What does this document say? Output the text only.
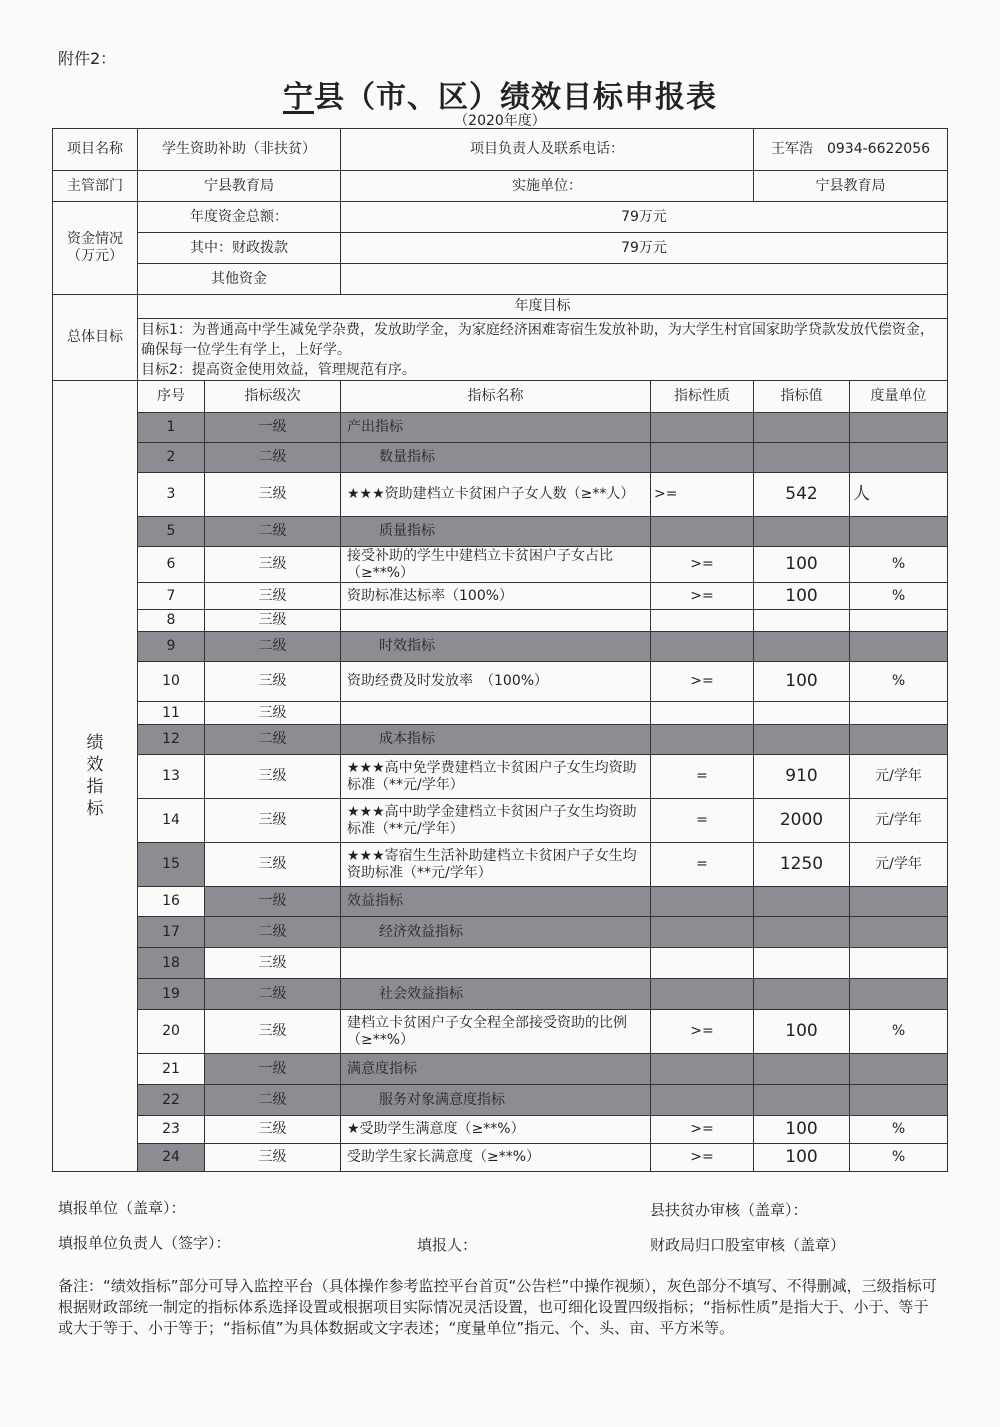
附件2：
宁县（市、区）绩效目标申报表
（2020年度）
项目名称	学生资助补助（非扶贫）		项目负责人及联系电话：		王军浩　0934-6622056	
主管部门	宁县教育局		实施单位：		宁县教育局	
资金情况（万元）	年度资金总额：		79万元			
	其中：财政拨款		79万元			
	其他资金					
总体目标	年度目标					

	目标1：为普通高中学生减免学杂费，发放助学金，为家庭经济困难寄宿生发放补助，为大学生村官国家助学贷款发放代偿资金，确保每一位学生有学上，上好学。
目标2：提高资金使用效益，管理规范有序。					

绩效指标	序号	指标级次	指标名称	指标性质	指标值	度量单位
	1	一级	产出指标			
	2	二级	数量指标			
	3	三级	★★★资助建档立卡贫困户子女人数（≥**人）	>=	542	人
	5	二级	质量指标			
	6	三级	接受补助的学生中建档立卡贫困户子女占比（≥**%）	>=	100	%
	7	三级	资助标准达标率（100%）	>=	100	%
	8	三级				
	9	二级	时效指标			
	10	三级	资助经费及时发放率　（100%）	>=	100	%
	11	三级				
	12	二级	成本指标			
	13	三级	★★★高中免学费建档立卡贫困户子女生均资助标准（**元/学年）	=	910	元/学年
	14	三级	★★★高中助学金建档立卡贫困户子女生均资助标准（**元/学年）	=	2000	元/学年
	15	三级	★★★寄宿生生活补助建档立卡贫困户子女生均资助标准（**元/学年）	=	1250	元/学年
	16	一级	效益指标			
	17	二级	经济效益指标			
	18	三级				
	19	二级	社会效益指标			
	20	三级	建档立卡贫困户子女全程全部接受资助的比例（≥**%）	>=	100	%
	21	一级	满意度指标			
	22	二级	服务对象满意度指标			
	23	三级	★受助学生满意度（≥**%）	>=	100	%
	24	三级	受助学生家长满意度（≥**%）	>=	100	%
填报单位（盖章）：	县扶贫办审核（盖章）：
填报单位负责人（签字）：	填报人：	财政局归口股室审核（盖章）
备注：“绩效指标”部分可导入监控平台（具体操作参考监控平台首页“公告栏”中操作视频），灰色部分不填写、不得删减，三级指标可根据财政部统一制定的指标体系选择设置或根据项目实际情况灵活设置，也可细化设置四级指标；“指标性质”是指大于、小于、等于或大于等于、小于等于；“指标值”为具体数据或文字表述；“度量单位”指元、个、头、亩、平方米等。
